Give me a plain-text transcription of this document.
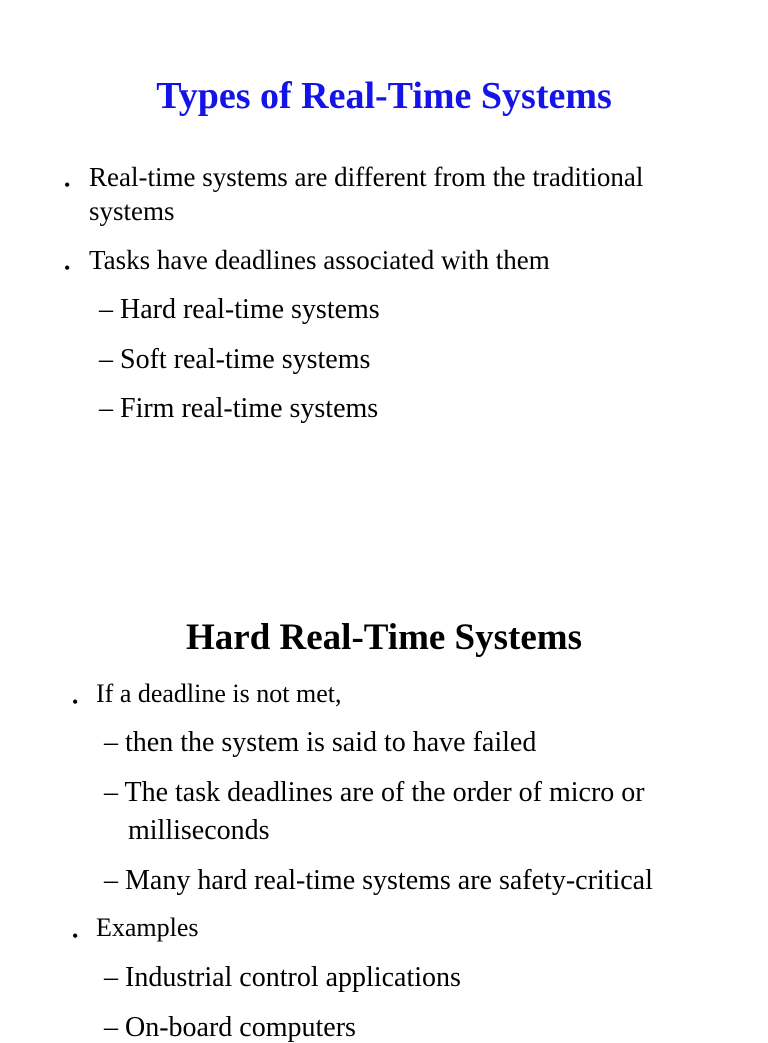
Types of Real-Time Systems
• Real-time systems are different from the traditional

systems

• Tasks have deadlines associated with them

– Hard real-time systems

– Soft real-time systems

– Firm real-time systems

Hard Real-Time Systems
• If a deadline is not met,

– then the system is said to have failed

– The task deadlines are of the order of micro or

milliseconds

– Many hard real-time systems are safety-critical

• Examples

– Industrial control applications

– On-board computers
